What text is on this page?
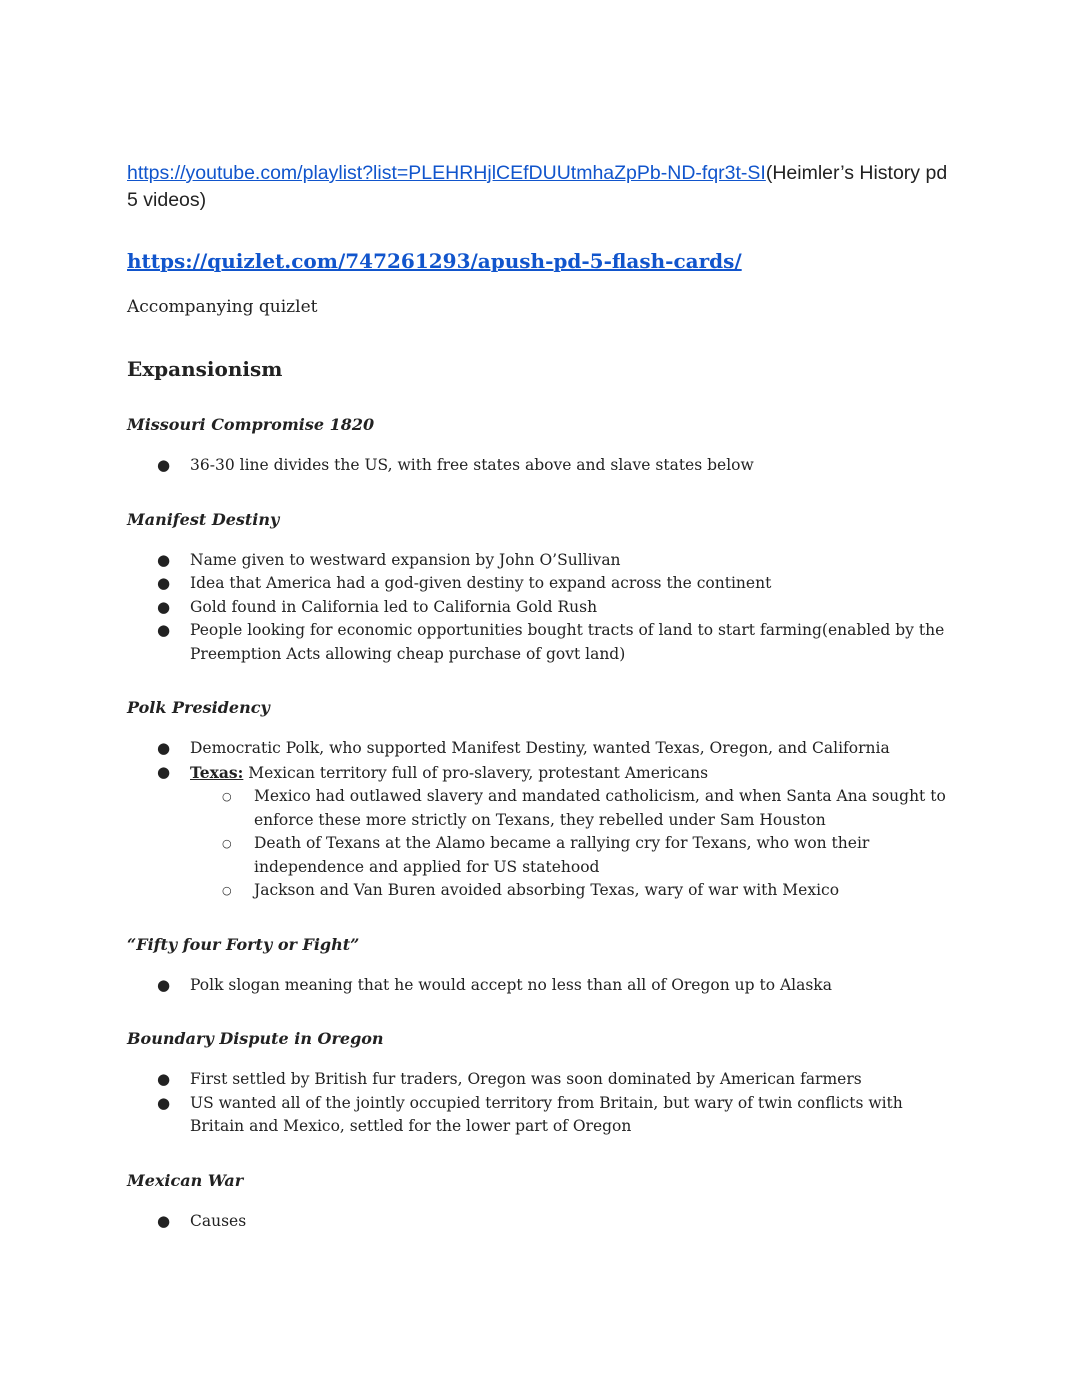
https://youtube.com/playlist?list=PLEHRHjlCEfDUUtmhaZpPb-ND-fqr3t-SI(Heimler’s History pd 5 videos)

https://quizlet.com/747261293/apush-pd-5-flash-cards/

Accompanying quizlet

Expansionism
Missouri Compromise 1820
● 36-30 line divides the US, with free states above and slave states below
Manifest Destiny
● Name given to westward expansion by John O’Sullivan
● Idea that America had a god-given destiny to expand across the continent
● Gold found in California led to California Gold Rush
● People looking for economic opportunities bought tracts of land to start farming(enabled by the Preemption Acts allowing cheap purchase of govt land)
Polk Presidency
● Democratic Polk, who supported Manifest Destiny, wanted Texas, Oregon, and California
● Texas: Mexican territory full of pro-slavery, protestant Americans
○ Mexico had outlawed slavery and mandated catholicism, and when Santa Ana sought to enforce these more strictly on Texans, they rebelled under Sam Houston
○ Death of Texans at the Alamo became a rallying cry for Texans, who won their independence and applied for US statehood
○ Jackson and Van Buren avoided absorbing Texas, wary of war with Mexico
“Fifty four Forty or Fight”
● Polk slogan meaning that he would accept no less than all of Oregon up to Alaska
Boundary Dispute in Oregon
● First settled by British fur traders, Oregon was soon dominated by American farmers
● US wanted all of the jointly occupied territory from Britain, but wary of twin conflicts with Britain and Mexico, settled for the lower part of Oregon
Mexican War
● Causes
